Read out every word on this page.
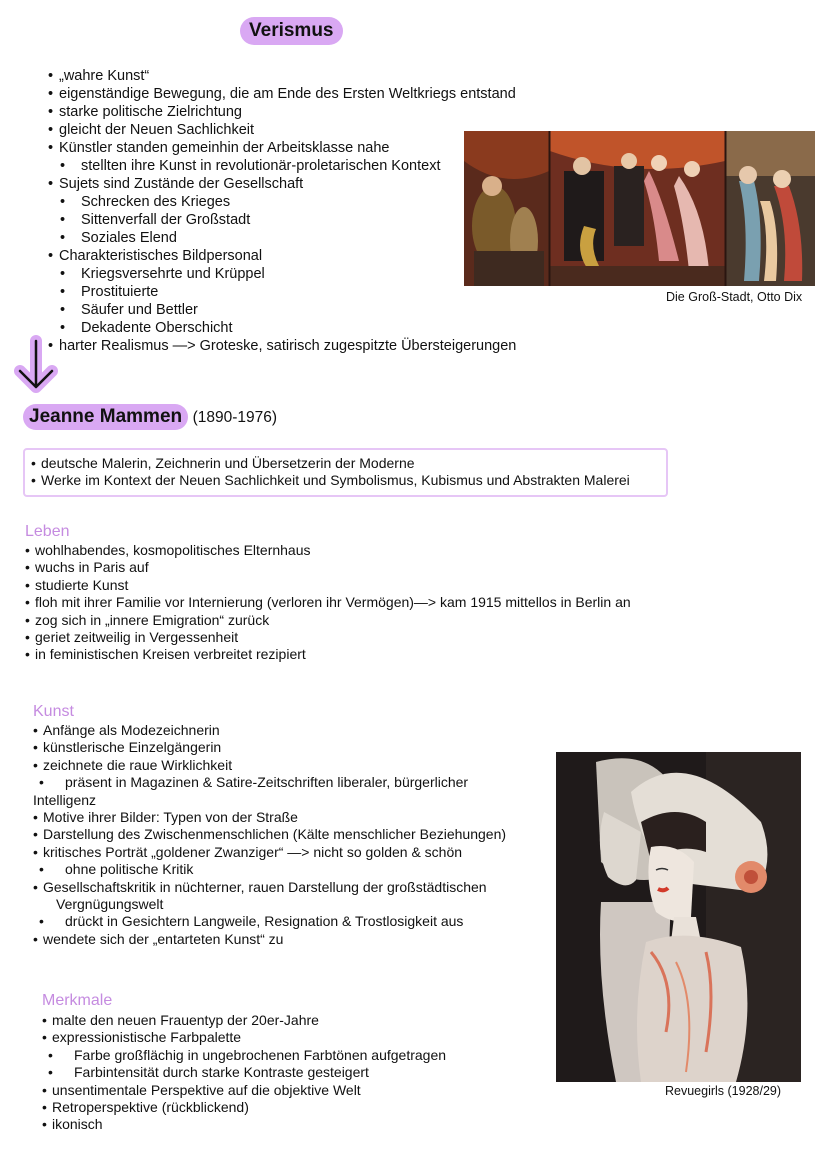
Verismus
• „wahre Kunst“
• eigenständige Bewegung, die am Ende des Ersten Weltkriegs entstand
• starke politische Zielrichtung
• gleicht der Neuen Sachlichkeit
• Künstler standen gemeinhin der Arbeitsklasse nahe
• stellten ihre Kunst in revolutionär-proletarischen Kontext
• Sujets sind Zustände der Gesellschaft
• Schrecken des Krieges
• Sittenverfall der Großstadt
• Soziales Elend
• Charakteristisches Bildpersonal
• Kriegsversehrte und Krüppel
• Prostituierte
• Säufer und Bettler
• Dekadente Oberschicht
• harter Realismus —> Groteske, satirisch zugespitzte Übersteigerungen
Die Groß-Stadt, Otto Dix
Jeanne Mammen (1890-1976)
• deutsche Malerin, Zeichnerin und Übersetzerin der Moderne
• Werke im Kontext der Neuen Sachlichkeit und Symbolismus, Kubismus und Abstrakten Malerei
Leben
• wohlhabendes, kosmopolitisches Elternhaus
• wuchs in Paris auf
• studierte Kunst
• floh mit ihrer Familie vor Internierung (verloren ihr Vermögen)—> kam 1915 mittellos in Berlin an
• zog sich in „innere Emigration“ zurück
• geriet zeitweilig in Vergessenheit
• in feministischen Kreisen verbreitet rezipiert
Kunst
• Anfänge als Modezeichnerin
• künstlerische Einzelgängerin
• zeichnete die raue Wirklichkeit
• präsent in Magazinen & Satire-Zeitschriften liberaler, bürgerlicher
Intelligenz
• Motive ihrer Bilder: Typen von der Straße
• Darstellung des Zwischenmenschlichen (Kälte menschlicher Beziehungen)
• kritisches Porträt „goldener Zwanziger“ —> nicht so golden & schön
• ohne politische Kritik
• Gesellschaftskritik in nüchterner, rauen Darstellung der großstädtischen
Vergnügungswelt
• drückt in Gesichtern Langweile, Resignation & Trostlosigkeit aus
• wendete sich der „entarteten Kunst“ zu
Revuegirls (1928/29)
Merkmale
• malte den neuen Frauentyp der 20er-Jahre
• expressionistische Farbpalette
• Farbe großflächig in ungebrochenen Farbtönen aufgetragen
• Farbintensität durch starke Kontraste gesteigert
• unsentimentale Perspektive auf die objektive Welt
• Retroperspektive (rückblickend)
• ikonisch
